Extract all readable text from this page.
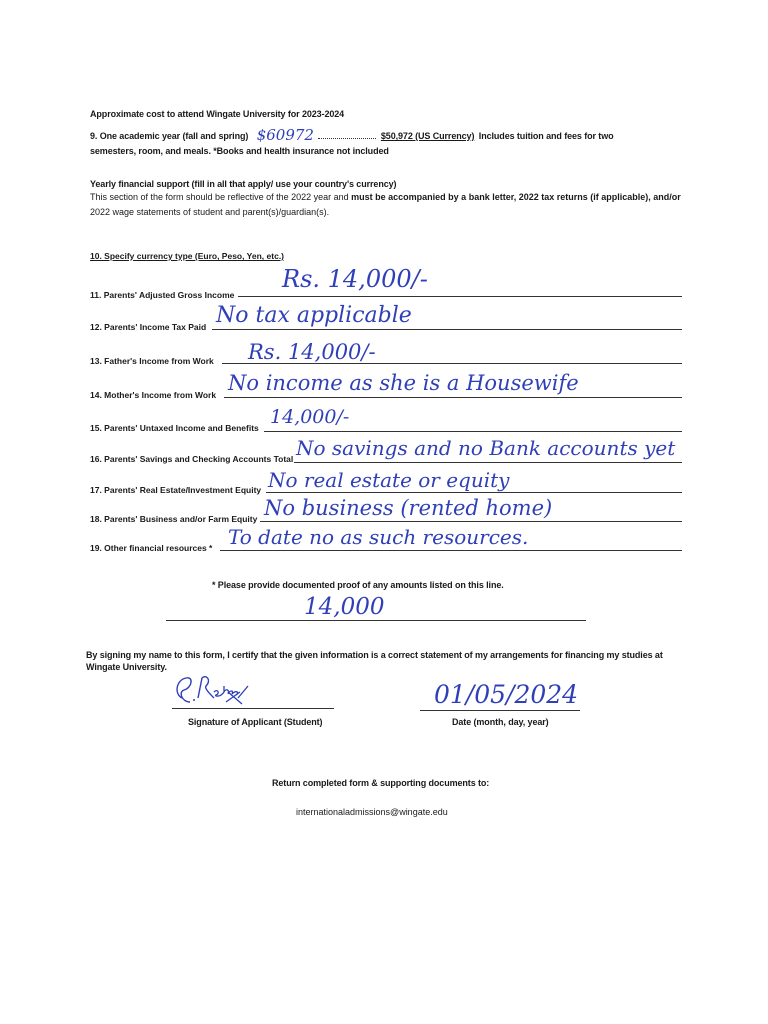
Approximate cost to attend Wingate University for 2023-2024
9. One academic year (fall and spring) $60972	$50,972 (US Currency) Includes tuition and fees for two
semesters, room, and meals. *Books and health insurance not included
Yearly financial support (fill in all that apply/ use your country's currency)
This section of the form should be reflective of the 2022 year and must be accompanied by a bank letter, 2022 tax returns (if applicable), and/or
2022 wage statements of student and parent(s)/guardian(s).
10. Specify currency type (Euro, Peso, Yen, etc.)
11. Parents' Adjusted Gross Income
Rs. 14,000/-
12. Parents' Income Tax Paid No tax applicable
13. Father's Income from Work Rs. 14,000/-
14. Mother's Income from Work No income as she is a Housewife
15. Parents' Untaxed Income and Benefits 14,000/-
16. Parents' Savings and Checking Accounts Total No savings and no Bank accounts yet
17. Parents' Real Estate/Investment Equity No real estate or equity
18. Parents' Business and/or Farm Equity No business (rented home)
19. Other financial resources * To date no as such resources.
* Please provide documented proof of any amounts listed on this line.
14,000
By signing my name to this form, I certify that the given information is a correct statement of my arrangements for financing my studies at
Wingate University.
Signature of Applicant (Student)
01/05/2024
Date (month, day, year)
Return completed form & supporting documents to:
internationaladmissions@wingate.edu
